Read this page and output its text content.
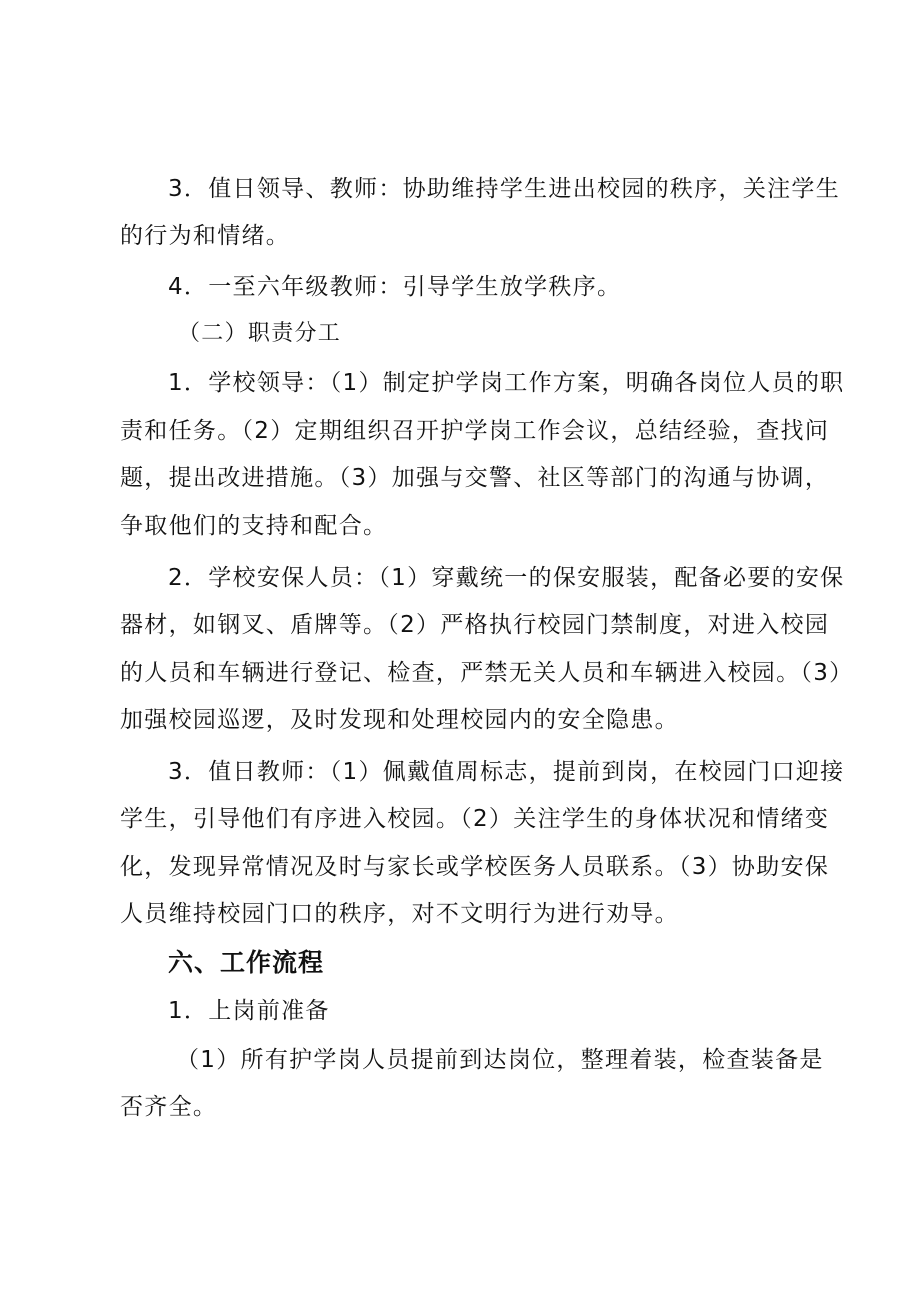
3．值日领导、教师：协助维持学生进出校园的秩序，关注学生
的行为和情绪。
4．一至六年级教师：引导学生放学秩序。
（二）职责分工
1．学校领导：（1）制定护学岗工作方案，明确各岗位人员的职
责和任务。（2）定期组织召开护学岗工作会议，总结经验，查找问
题，提出改进措施。（3）加强与交警、社区等部门的沟通与协调，
争取他们的支持和配合。
2．学校安保人员：（1）穿戴统一的保安服装，配备必要的安保
器材，如钢叉、盾牌等。（2）严格执行校园门禁制度，对进入校园
的人员和车辆进行登记、检查，严禁无关人员和车辆进入校园。（3）
加强校园巡逻，及时发现和处理校园内的安全隐患。
3．值日教师：（1）佩戴值周标志，提前到岗，在校园门口迎接
学生，引导他们有序进入校园。（2）关注学生的身体状况和情绪变
化，发现异常情况及时与家长或学校医务人员联系。（3）协助安保
人员维持校园门口的秩序，对不文明行为进行劝导。
六、工作流程
1．上岗前准备
（1）所有护学岗人员提前到达岗位，整理着装，检查装备是
否齐全。
